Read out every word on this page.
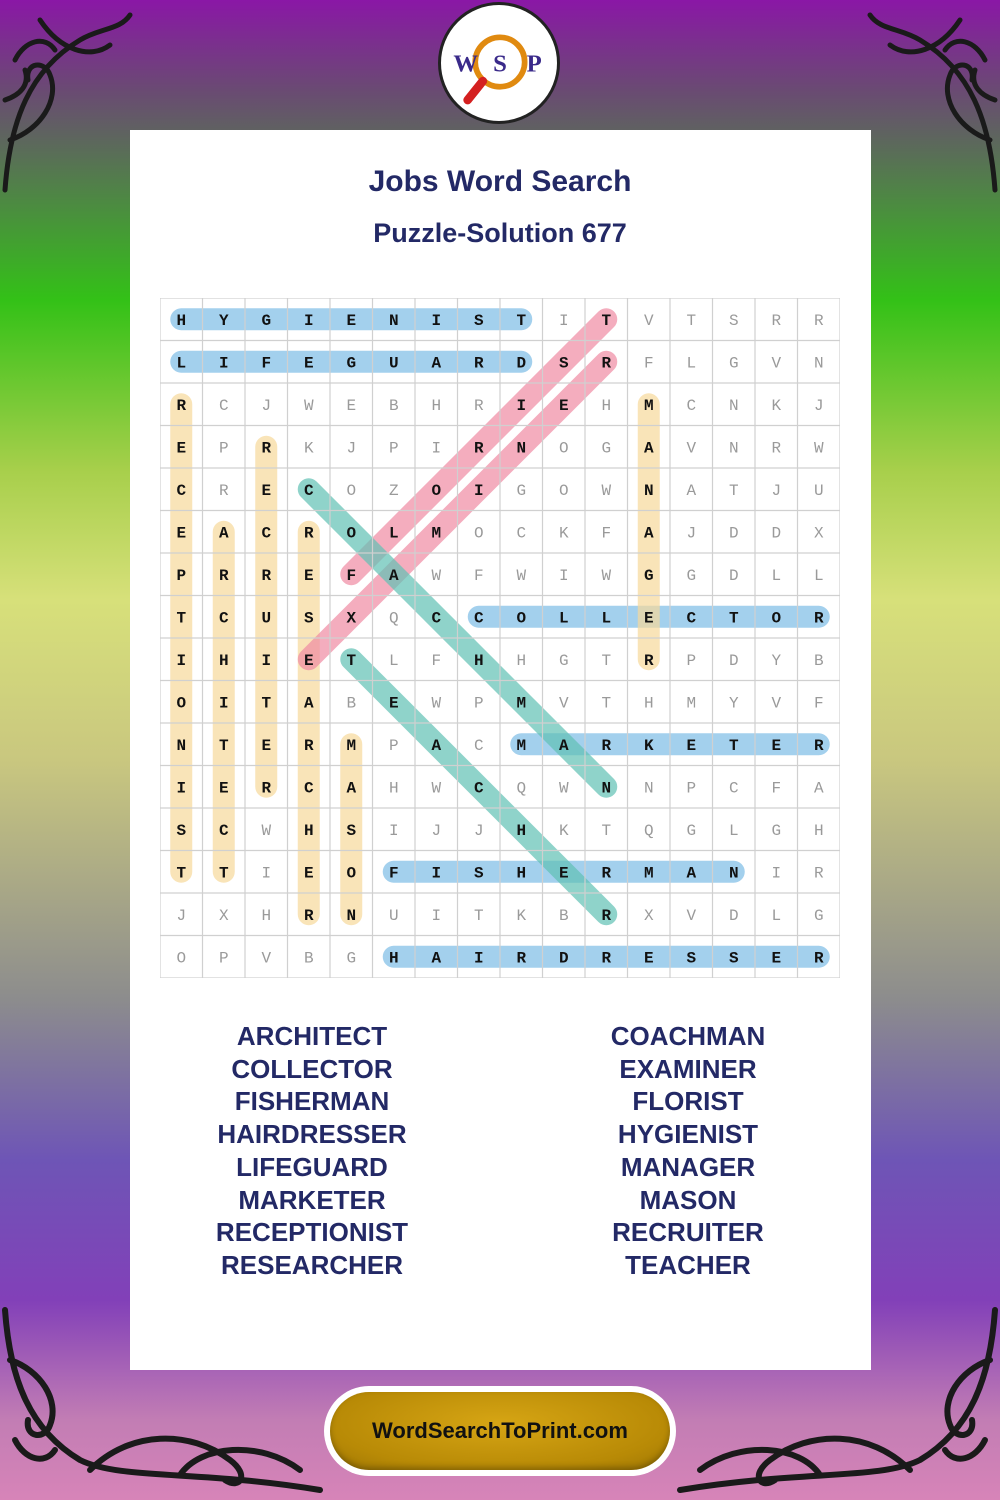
W S P
Jobs Word Search
Puzzle-Solution 677
H Y G I E N I S T I T V T S R R
L I F E G U A R D S R F L G V N
R C J W E B H R I E H M C N K J
E P R K J P I R N O G A V N R W
C R E C O Z O I G O W N A T J U
E A C R O L M O C K F A J D D X
P R R E F A W F W I W G G D L L
T C U S X Q C C O L L E C T O R
I H I E T L F H H G T R P D Y B
O I T A B E W P M V T H M Y V F
N T E R M P A C M A R K E T E R
I E R C A H W C Q W N N P C F A
S C W H S I J J H K T Q G L G H
T T I E O F I S H E R M A N I R
J X H R N U I T K B R X V D L G
O P V B G H A I R D R E S S E R
ARCHITECT
COLLECTOR
FISHERMAN
HAIRDRESSER
LIFEGUARD
MARKETER
RECEPTIONIST
RESEARCHER
COACHMAN
EXAMINER
FLORIST
HYGIENIST
MANAGER
MASON
RECRUITER
TEACHER
WordSearchToPrint.com
